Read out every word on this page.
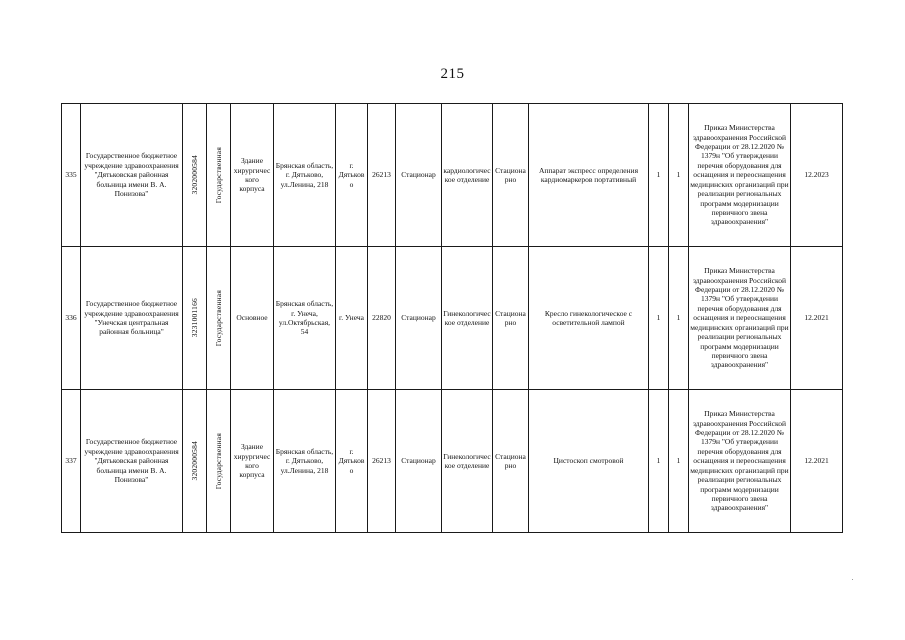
215
335	Государственное бюджетное учреждение здравоохранения "Дятьковская районная больница имени В. А. Понизова"	3202000584	Государственная	Здание хирургического корпуса	Брянская область, г. Дятьково, ул.Ленина, 218	г. Дятьково	26213	Стационар	кардиологическое отделение	Стационарно	Аппарат экспресс определения кардиомаркеров портативный	1	1	Приказ Министерства здравоохранения Российской Федерации от 28.12.2020 № 1379н "Об утверждении перечня оборудования для оснащения и переоснащения медицинских организаций при реализации региональных программ модернизации первичного звена здравоохранения"	12.2023
336	Государственное бюджетное учреждение здравоохранения "Унечская центральная районная больница"	3231001166	Государственная	Основное	Брянская область, г. Унеча, ул.Октябрьская, 54	г. Унеча	22820	Стационар	Гинекологическое отделение	Стационарно	Кресло гинекологическое с осветительной лампой	1	1	Приказ Министерства здравоохранения Российской Федерации от 28.12.2020 № 1379н "Об утверждении перечня оборудования для оснащения и переоснащения медицинских организаций при реализации региональных программ модернизации первичного звена здравоохранения"	12.2021
337	Государственное бюджетное учреждение здравоохранения "Дятьковская районная больница имени В. А. Понизова"	3202000584	Государственная	Здание хирургического корпуса	Брянская область, г. Дятьково, ул.Ленина, 218	г. Дятьково	26213	Стационар	Гинекологическое отделение	Стационарно	Цистоскоп смотровой	1	1	Приказ Министерства здравоохранения Российской Федерации от 28.12.2020 № 1379н "Об утверждении перечня оборудования для оснащения и переоснащения медицинских организаций при реализации региональных программ модернизации первичного звена здравоохранения"	12.2021
